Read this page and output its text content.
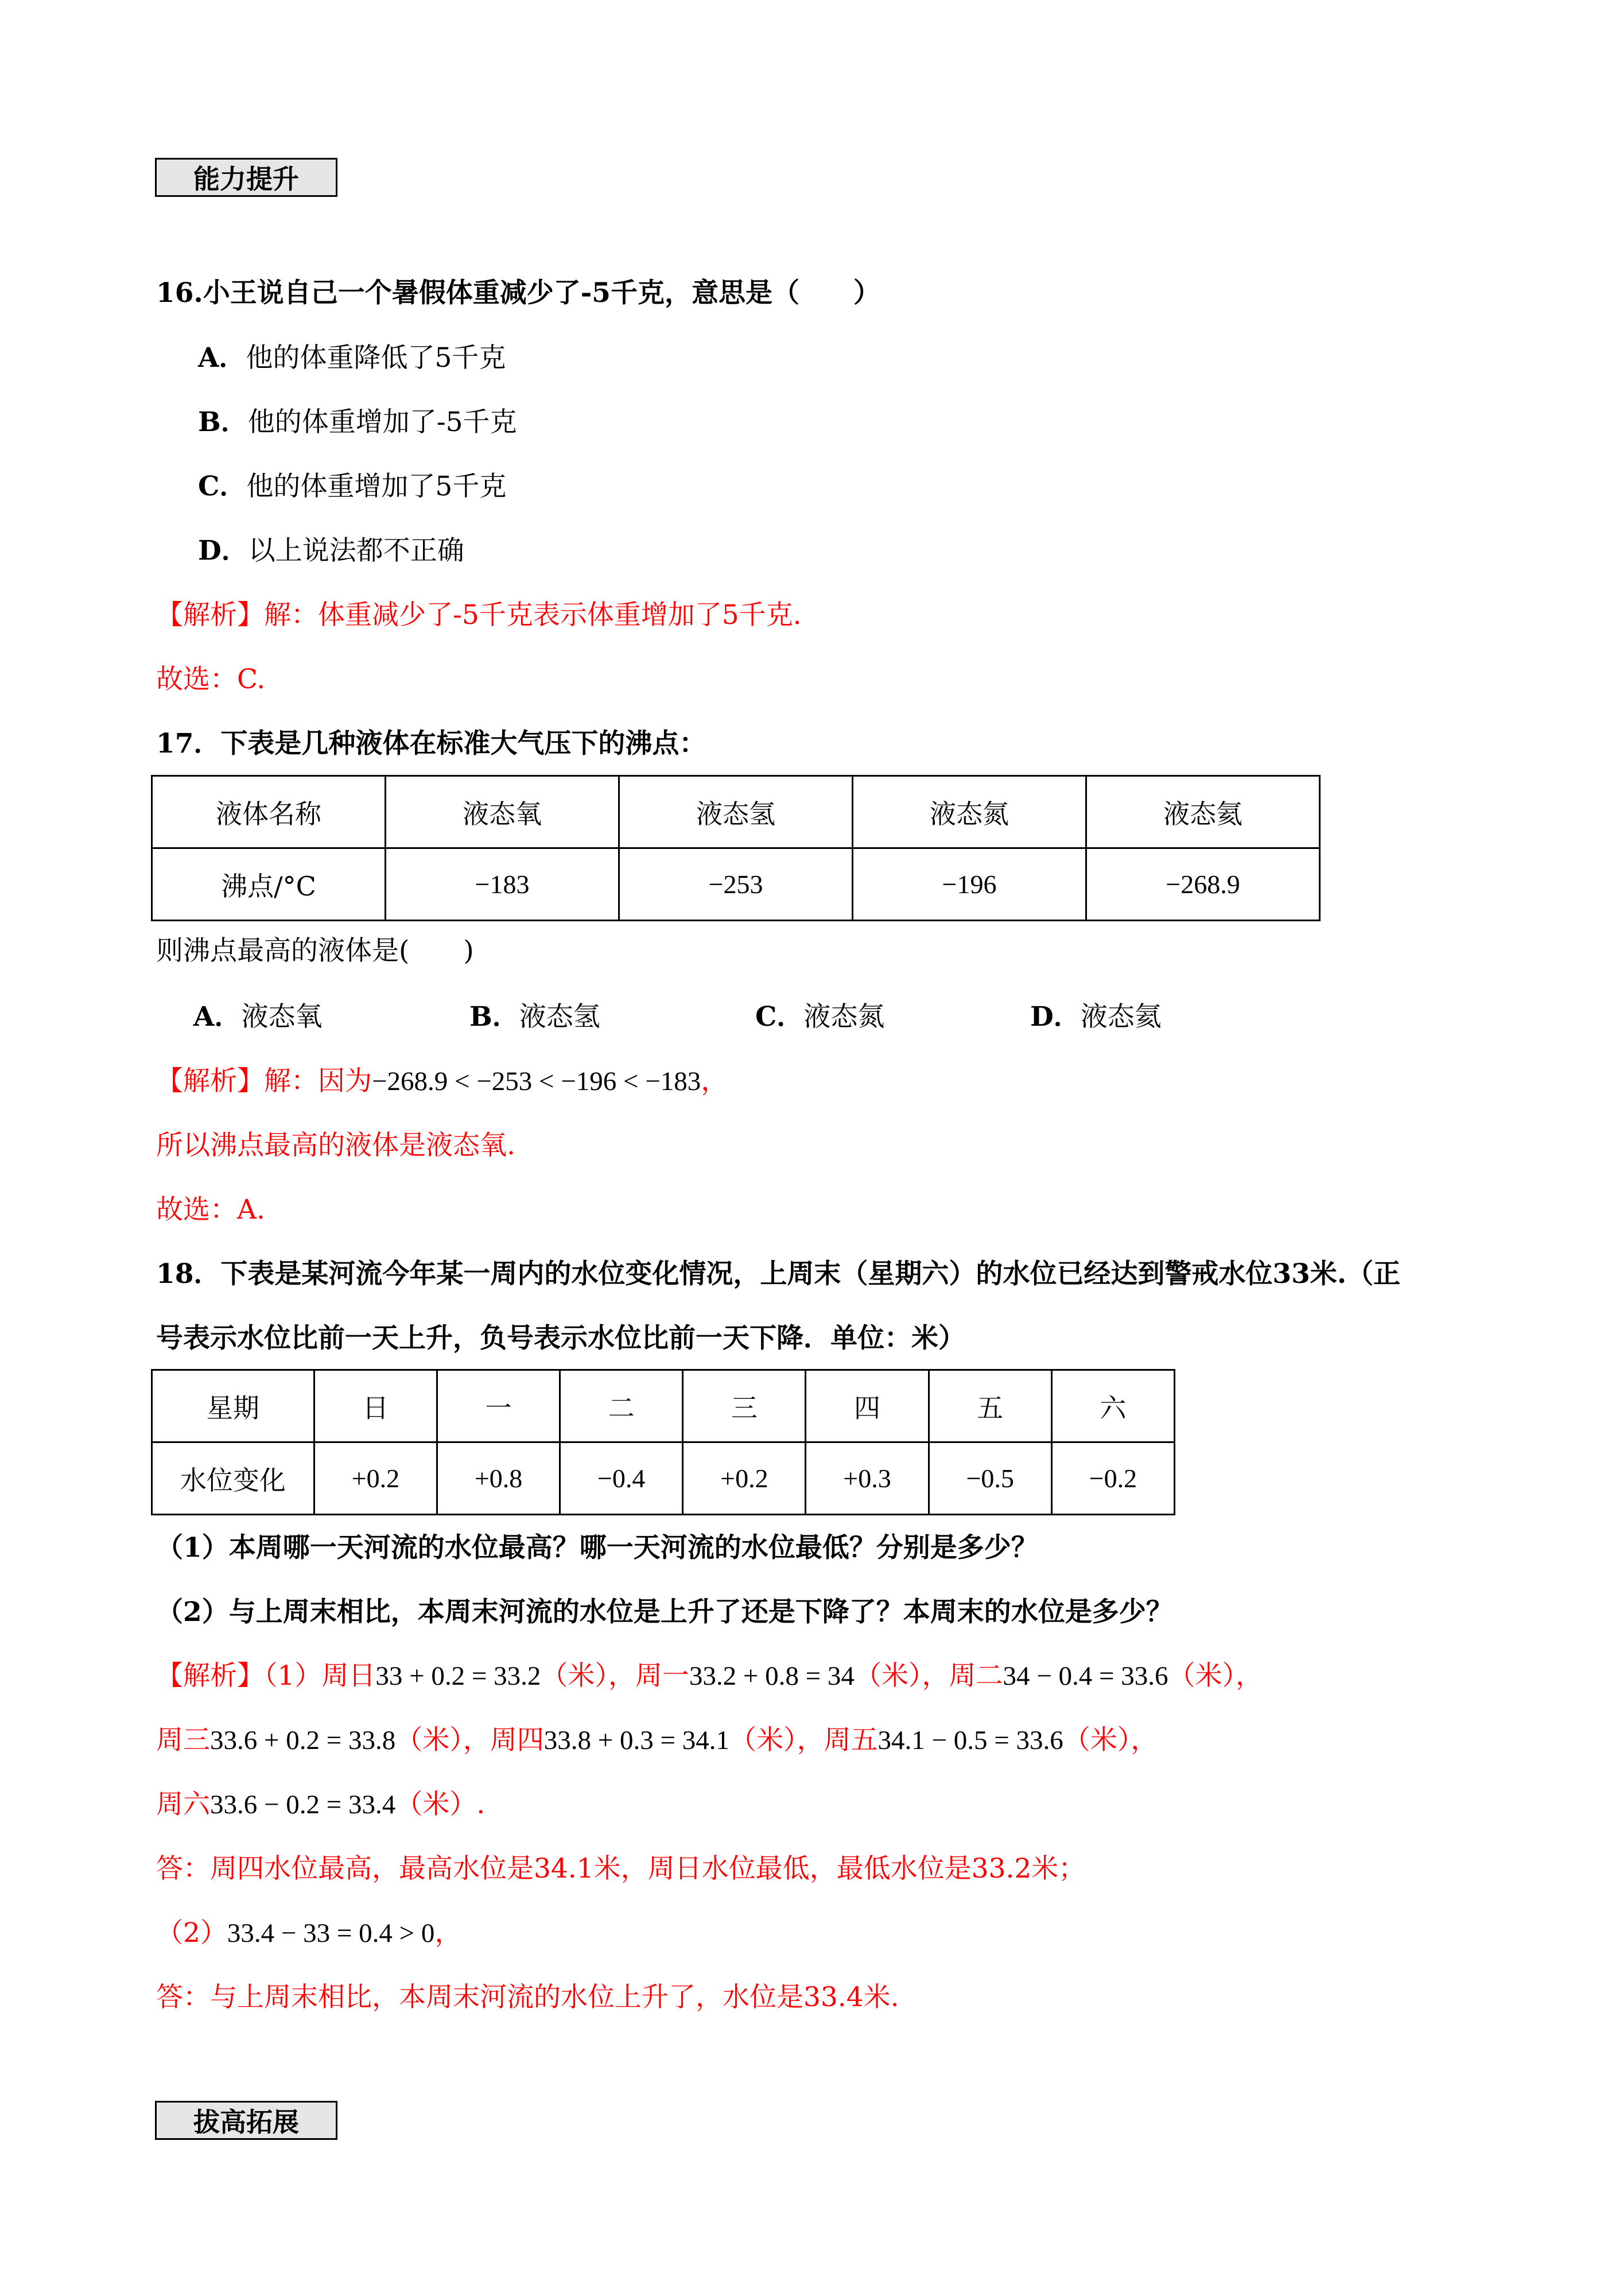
能力提升
16.小王说自己一个暑假体重减少了-5千克，意思是（　　）
A．他的体重降低了5千克
B．他的体重增加了-5千克
C．他的体重增加了5千克
D．以上说法都不正确
【解析】解：体重减少了-5千克表示体重增加了5千克.
故选：C.
17．下表是几种液体在标准大气压下的沸点：
液体名称	液态氧	液态氢	液态氮	液态氦
沸点/°C	−183	−253	−196	−268.9
则沸点最高的液体是(　　)
A．液态氧	B．液态氢	C．液态氮	D．液态氦
【解析】解：因为−268.9 < −253 < −196 < −183，
所以沸点最高的液体是液态氧.
故选：A.
18．下表是某河流今年某一周内的水位变化情况，上周末（星期六）的水位已经达到警戒水位33米.（正
号表示水位比前一天上升，负号表示水位比前一天下降．单位：米）
星期	日	一	二	三	四	五	六
水位变化	+0.2	+0.8	−0.4	+0.2	+0.3	−0.5	−0.2
（1）本周哪一天河流的水位最高？哪一天河流的水位最低？分别是多少？
（2）与上周末相比，本周末河流的水位是上升了还是下降了？本周末的水位是多少？
【解析】（1）周日33 + 0.2 = 33.2（米），周一33.2 + 0.8 = 34（米），周二34 − 0.4 = 33.6（米），
周三33.6 + 0.2 = 33.8（米），周四33.8 + 0.3 = 34.1（米），周五34.1 − 0.5 = 33.6（米），
周六33.6 − 0.2 = 33.4（米）.
答：周四水位最高，最高水位是34.1米，周日水位最低，最低水位是33.2米；
（2）33.4 − 33 = 0.4 > 0，
答：与上周末相比，本周末河流的水位上升了，水位是33.4米.
拔高拓展
